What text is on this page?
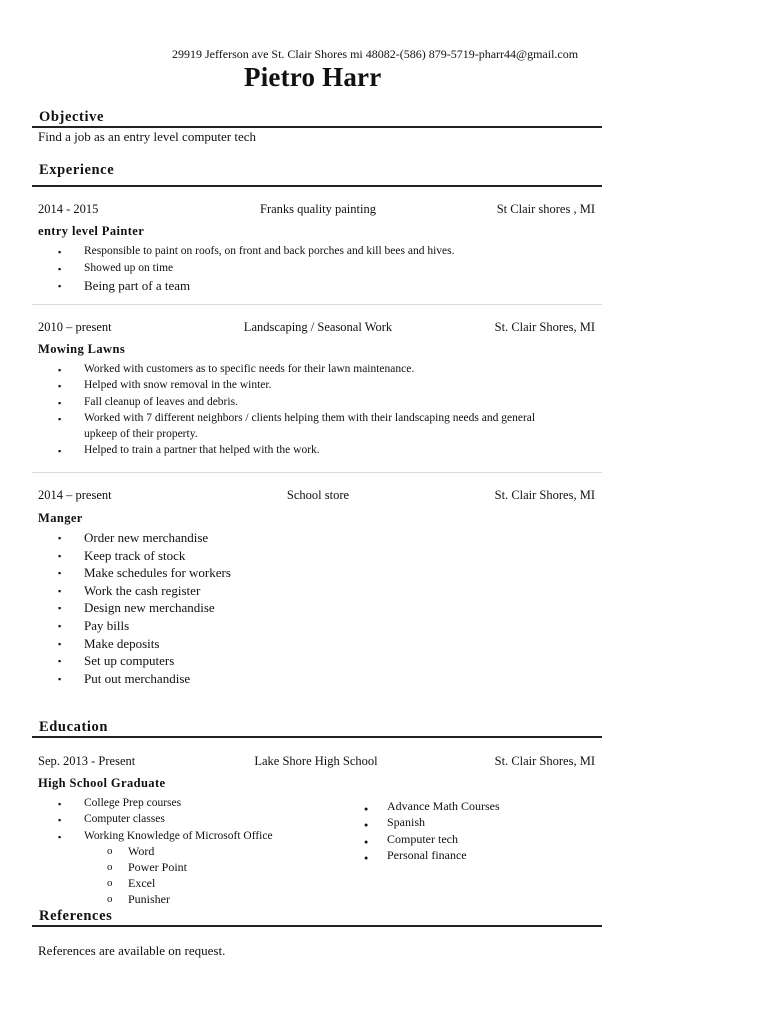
29919 Jefferson ave St. Clair Shores mi 48082-(586) 879-5719-pharr44@gmail.com
Pietro Harr
Objective
Find a job as an entry level computer tech
Experience
2014 - 2015	Franks quality painting	St Clair shores , MI
entry level Painter
▪ Responsible to paint on roofs, on front and back porches and kill bees and hives.
▪ Showed up on time
▪ Being part of a team
2010 – present	Landscaping / Seasonal Work	St. Clair Shores, MI
Mowing Lawns
▪ Worked with customers as to specific needs for their lawn maintenance.
▪ Helped with snow removal in the winter.
▪ Fall cleanup of leaves and debris.
▪ Worked with 7 different neighbors / clients helping them with their landscaping needs and general upkeep of their property.
▪ Helped to train a partner that helped with the work.
2014 – present	School store	St. Clair Shores, MI
Manger
▪ Order new merchandise
▪ Keep track of stock
▪ Make schedules for workers
▪ Work the cash register
▪ Design new merchandise
▪ Pay bills
▪ Make deposits
▪ Set up computers
▪ Put out merchandise
Education
Sep. 2013 - Present	Lake Shore High School	St. Clair Shores, MI
High School Graduate
▪ College Prep courses
▪ Computer classes
▪ Working Knowledge of Microsoft Office
o Word
o Power Point
o Excel
o Punisher
● Advance Math Courses
● Spanish
● Computer tech
● Personal finance
References
References are available on request.
